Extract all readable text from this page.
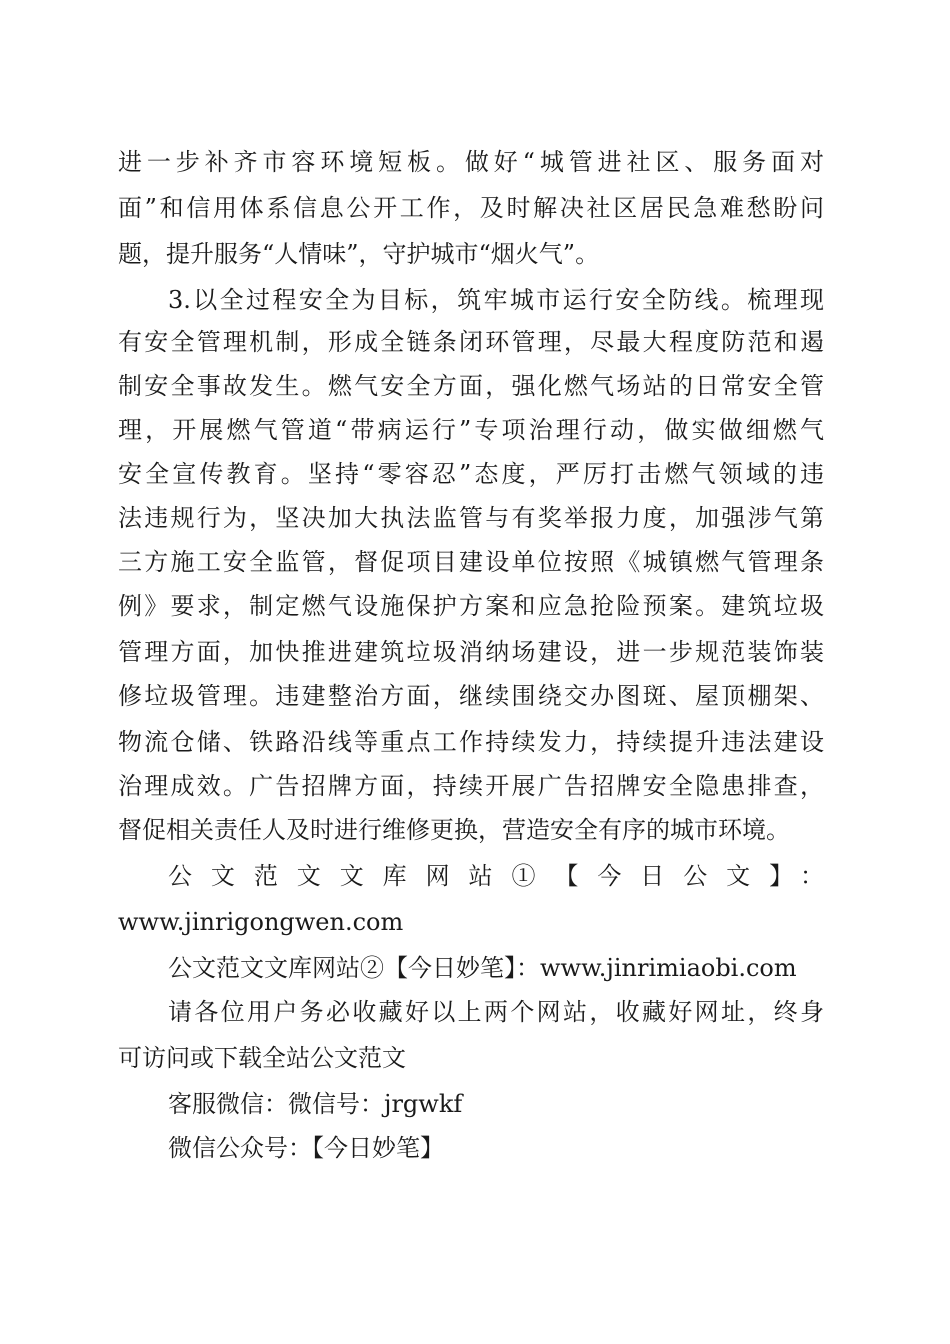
进一步补齐市容环境短板。做好“城管进社区、服务面对
面”和信用体系信息公开工作，及时解决社区居民急难愁盼问
题，提升服务“人情味”，守护城市“烟火气”。
3.以全过程安全为目标，筑牢城市运行安全防线。梳理现
有安全管理机制，形成全链条闭环管理，尽最大程度防范和遏
制安全事故发生。燃气安全方面，强化燃气场站的日常安全管
理，开展燃气管道“带病运行”专项治理行动，做实做细燃气
安全宣传教育。坚持“零容忍”态度，严厉打击燃气领域的违
法违规行为，坚决加大执法监管与有奖举报力度，加强涉气第
三方施工安全监管，督促项目建设单位按照《城镇燃气管理条
例》要求，制定燃气设施保护方案和应急抢险预案。建筑垃圾
管理方面，加快推进建筑垃圾消纳场建设，进一步规范装饰装
修垃圾管理。违建整治方面，继续围绕交办图斑、屋顶棚架、
物流仓储、铁路沿线等重点工作持续发力，持续提升违法建设
治理成效。广告招牌方面，持续开展广告招牌安全隐患排查，
督促相关责任人及时进行维修更换，营造安全有序的城市环境。
公文范文文库网站①【今日公文】：
www.jinrigongwen.com
公文范文文库网站②【今日妙笔】：www.jinrimiaobi.com
请各位用户务必收藏好以上两个网站，收藏好网址，终身
可访问或下载全站公文范文
客服微信：微信号：jrgwkf
微信公众号：【今日妙笔】
